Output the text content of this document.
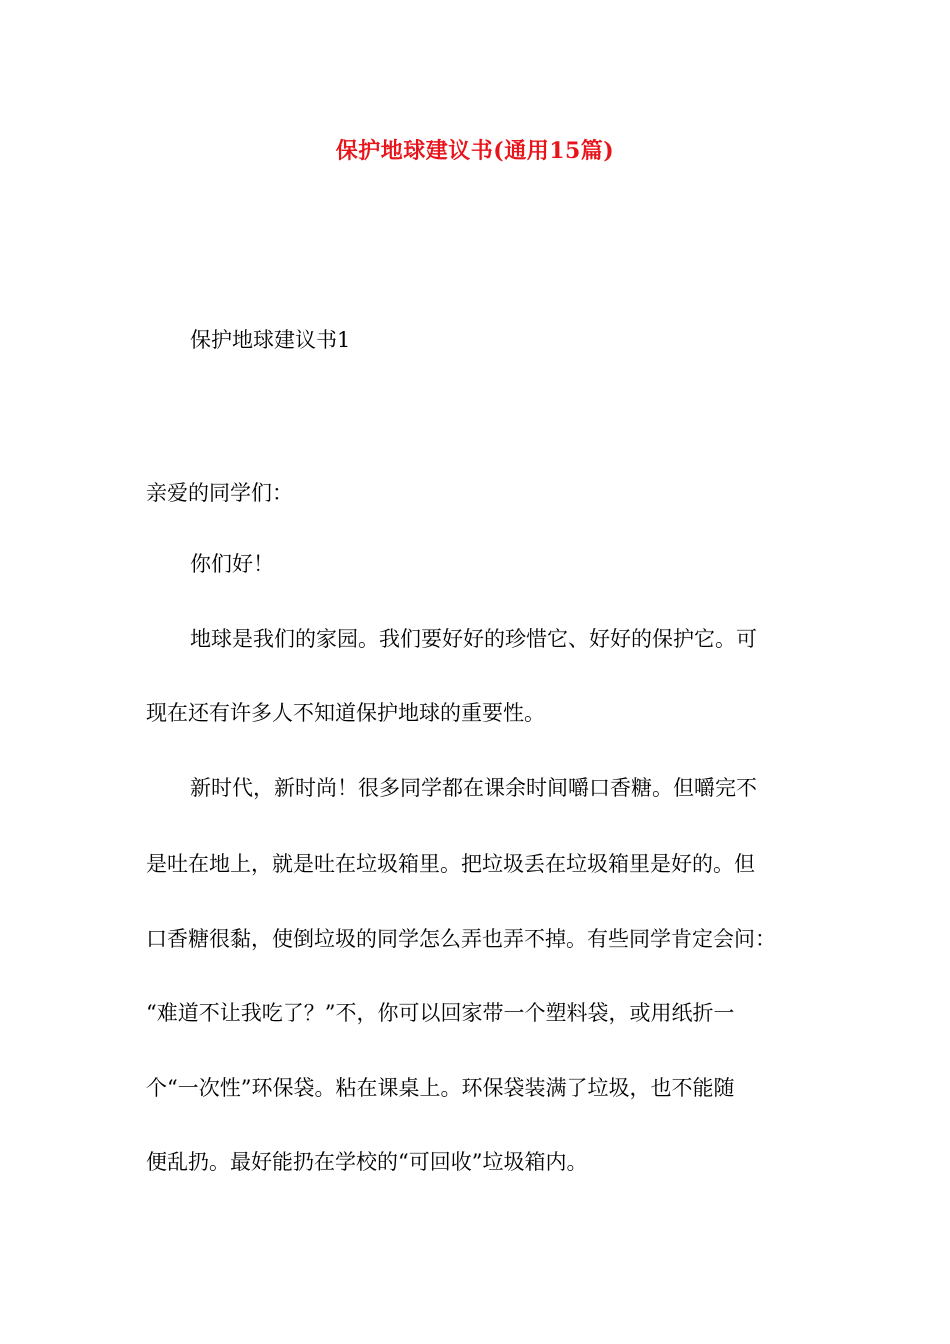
保护地球建议书(通用15篇)
保护地球建议书1
亲爱的同学们：
你们好！
地球是我们的家园。我们要好好的珍惜它、好好的保护它。可
现在还有许多人不知道保护地球的重要性。
新时代，新时尚！很多同学都在课余时间嚼口香糖。但嚼完不
是吐在地上，就是吐在垃圾箱里。把垃圾丢在垃圾箱里是好的。但
口香糖很黏，使倒垃圾的同学怎么弄也弄不掉。有些同学肯定会问：
“难道不让我吃了？”不，你可以回家带一个塑料袋，或用纸折一
个“一次性”环保袋。粘在课桌上。环保袋装满了垃圾，也不能随
便乱扔。最好能扔在学校的“可回收”垃圾箱内。
